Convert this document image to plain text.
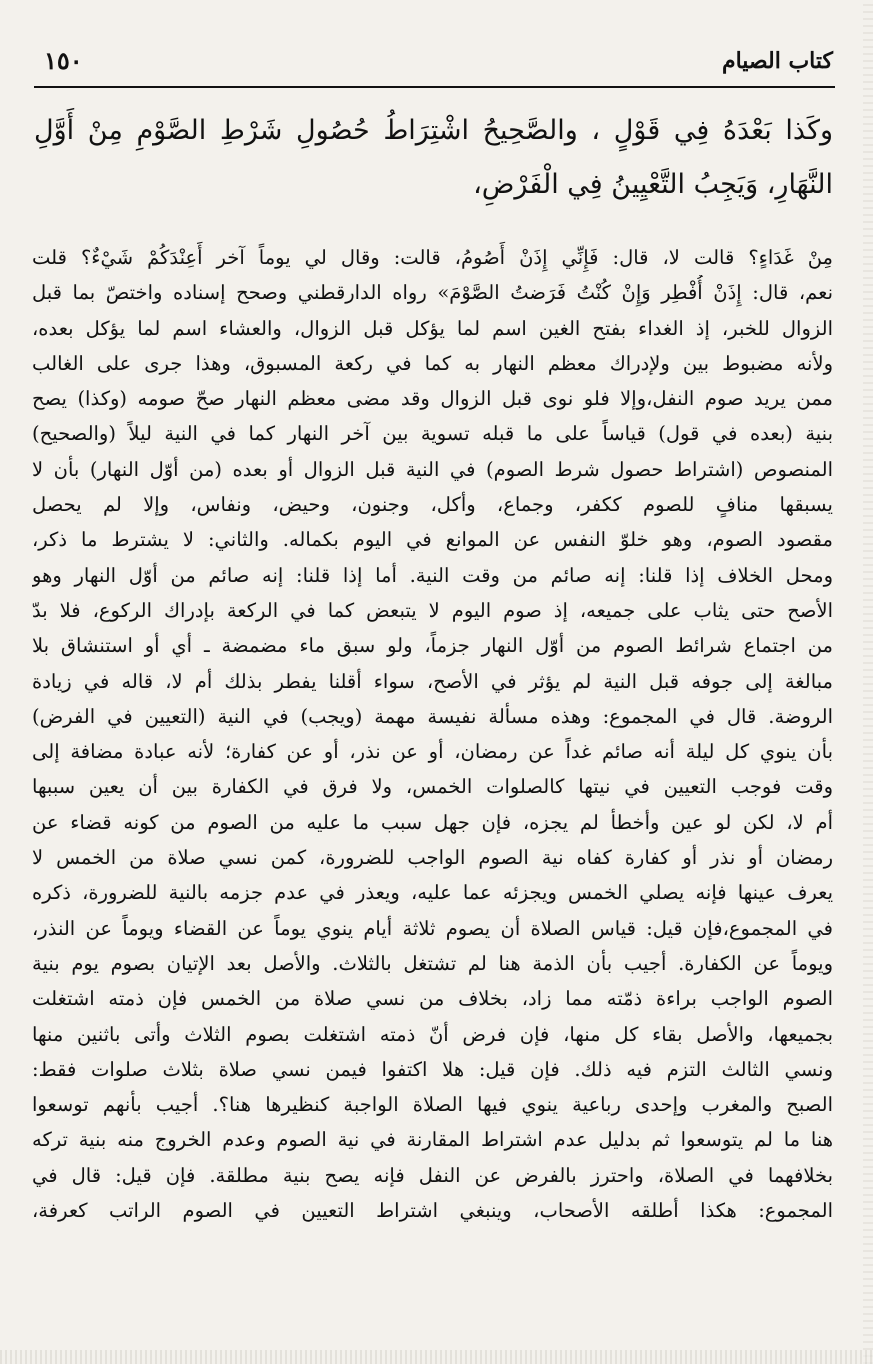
كتاب الصيام
١٥٠
وكَذا بَعْدَهُ فِي قَوْلٍ ، والصَّحِيحُ اشْتِرَاطُ حُصُولِ شَرْطِ الصَّوْمِ مِنْ أَوَّلِ النَّهَارِ، وَيَجِبُ التَّعْيِينُ فِي الْفَرْضِ،
مِنْ غَدَاءٍ؟ قالت لا، قال: فَإِنِّي إِذَنْ أَصُومُ، قالت: وقال لي يوماً آخر أَعِنْدَكُمْ شَيْءٌ؟ قلت
نعم، قال: إِذَنْ أُفْطِر وَإِنْ كُنْتُ فَرَضتُ الصَّوْمَ» رواه الدارقطني وصحح إسناده واختصّ بما قبل
الزوال للخبر، إذ الغداء بفتح الغين اسم لما يؤكل قبل الزوال، والعشاء اسم لما يؤكل بعده،
ولأنه مضبوط بين ولإدراك معظم النهار به كما في ركعة المسبوق، وهذا جرى على الغالب
ممن يريد صوم النفل،وإلا فلو نوى قبل الزوال وقد مضى معظم النهار صحّ صومه (وكذا) يصح
بنية (بعده في قول) قياساً على ما قبله تسوية بين آخر النهار كما في النية ليلاً (والصحيح)
المنصوص (اشتراط حصول شرط الصوم) في النية قبل الزوال أو بعده (من أوّل النهار) بأن لا
يسبقها منافٍ للصوم ككفر، وجماع، وأكل، وجنون، وحيض، ونفاس، وإلا لم يحصل
مقصود الصوم، وهو خلوّ النفس عن الموانع في اليوم بكماله. والثاني: لا يشترط ما ذكر،
ومحل الخلاف إذا قلنا: إنه صائم من وقت النية. أما إذا قلنا: إنه صائم من أوّل النهار وهو
الأصح حتى يثاب على جميعه، إذ صوم اليوم لا يتبعض كما في الركعة بإدراك الركوع، فلا بدّ
من اجتماع شرائط الصوم من أوّل النهار جزماً، ولو سبق ماء مضمضة ـ أي أو استنشاق بلا
مبالغة إلى جوفه قبل النية لم يؤثر في الأصح، سواء أقلنا يفطر بذلك أم لا، قاله في زيادة
الروضة. قال في المجموع: وهذه مسألة نفيسة مهمة (ويجب) في النية (التعيين في الفرض)
بأن ينوي كل ليلة أنه صائم غداً عن رمضان، أو عن نذر، أو عن كفارة؛ لأنه عبادة مضافة إلى
وقت فوجب التعيين في نيتها كالصلوات الخمس، ولا فرق في الكفارة بين أن يعين سببها
أم لا، لكن لو عين وأخطأ لم يجزه، فإن جهل سبب ما عليه من الصوم من كونه قضاء عن
رمضان أو نذر أو كفارة كفاه نية الصوم الواجب للضرورة، كمن نسي صلاة من الخمس لا
يعرف عينها فإنه يصلي الخمس ويجزئه عما عليه، ويعذر في عدم جزمه بالنية للضرورة، ذكره
في المجموع،فإن قيل: قياس الصلاة أن يصوم ثلاثة أيام ينوي يوماً عن القضاء ويوماً عن النذر،
ويوماً عن الكفارة. أجيب بأن الذمة هنا لم تشتغل بالثلاث. والأصل بعد الإتيان بصوم يوم بنية
الصوم الواجب براءة ذمّته مما زاد، بخلاف من نسي صلاة من الخمس فإن ذمته اشتغلت
بجميعها، والأصل بقاء كل منها، فإن فرض أنّ ذمته اشتغلت بصوم الثلاث وأتى باثنين منها
ونسي الثالث التزم فيه ذلك. فإن قيل: هلا اكتفوا فيمن نسي صلاة بثلاث صلوات فقط:
الصبح والمغرب وإحدى رباعية ينوي فيها الصلاة الواجبة كنظيرها هنا؟. أجيب بأنهم توسعوا
هنا ما لم يتوسعوا ثم بدليل عدم اشتراط المقارنة في نية الصوم وعدم الخروج منه بنية تركه
بخلافهما في الصلاة، واحترز بالفرض عن النفل فإنه يصح بنية مطلقة. فإن قيل: قال في
المجموع: هكذا أطلقه الأصحاب، وينبغي اشتراط التعيين في الصوم الراتب كعرفة،
